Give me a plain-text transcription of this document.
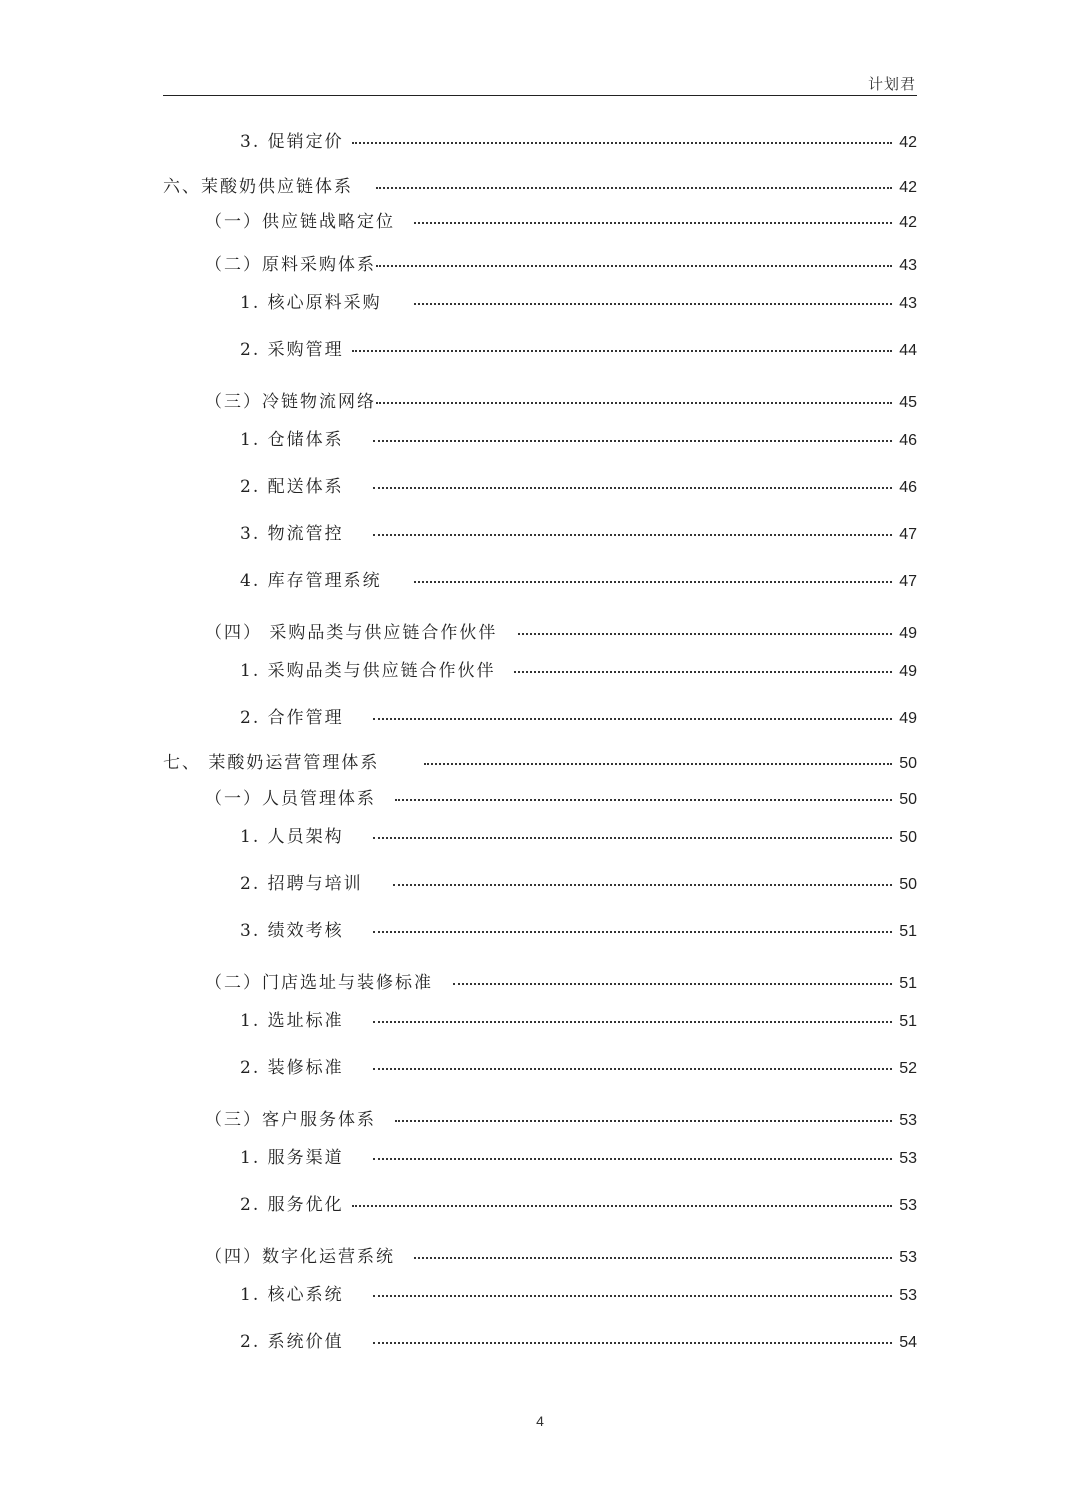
计划君
3. 促销定价	42
六、茉酸奶供应链体系	42
（一）供应链战略定位	42
（二）原料采购体系	43
1. 核心原料采购	43
2. 采购管理	44
（三）冷链物流网络	45
1. 仓储体系	46
2. 配送体系	46
3. 物流管控	47
4. 库存管理系统	47
（四） 采购品类与供应链合作伙伴	49
1. 采购品类与供应链合作伙伴	49
2. 合作管理	49
七、 茉酸奶运营管理体系	50
（一）人员管理体系	50
1. 人员架构	50
2. 招聘与培训	50
3. 绩效考核	51
（二）门店选址与装修标准	51
1. 选址标准	51
2. 装修标准	52
（三）客户服务体系	53
1. 服务渠道	53
2. 服务优化	53
（四）数字化运营系统	53
1. 核心系统	53
2. 系统价值	54
4
